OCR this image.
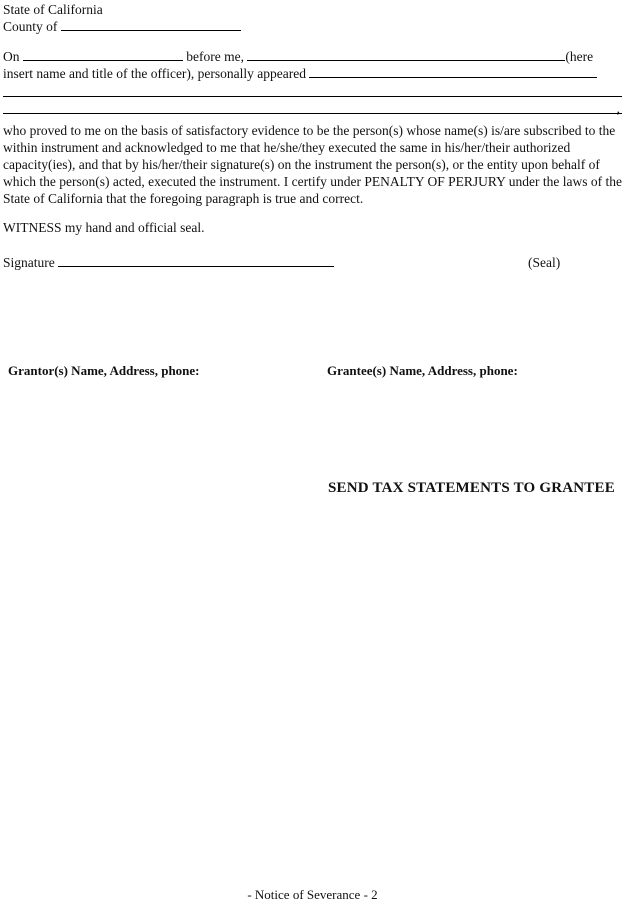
State of California
County of
On	before me,	(here
insert name and title of the officer), personally appeared
,

who proved to me on the basis of satisfactory evidence to be the person(s) whose name(s) is/are subscribed to the within instrument and acknowledged to me that he/she/they executed the same in his/her/their authorized capacity(ies), and that by his/her/their signature(s) on the instrument the person(s), or the entity upon behalf of which the person(s) acted, executed the instrument. I certify under PENALTY OF PERJURY under the laws of the State of California that the foregoing paragraph is true and correct.

WITNESS my hand and official seal.
Signature	(Seal)
Grantor(s) Name, Address, phone:	Grantee(s) Name, Address, phone:
SEND TAX STATEMENTS TO GRANTEE
- Notice of Severance - 2
